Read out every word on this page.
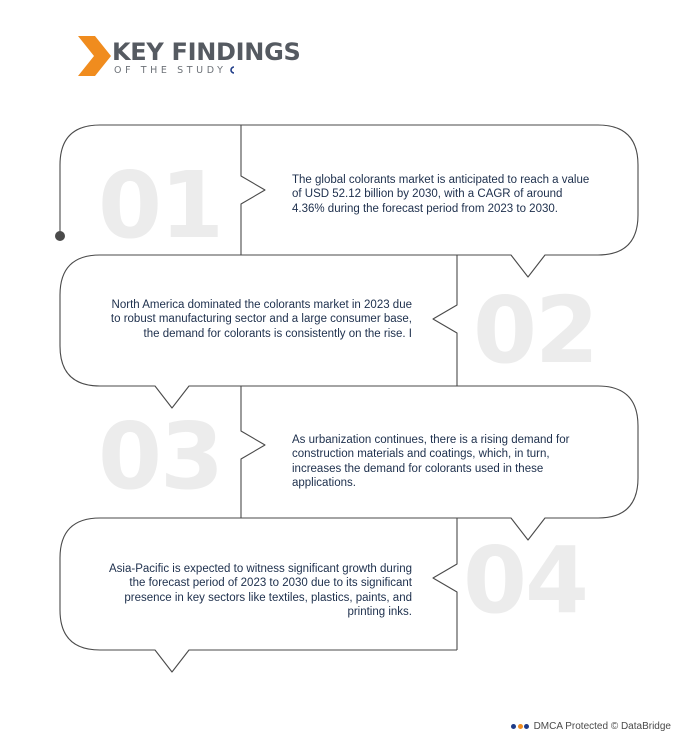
KEY FINDINGS
OF THE STUDY
01
02
03
04

The global colorants market is anticipated to reach a value of USD 52.12 billion by 2030, with a CAGR of around 4.36% during the forecast period from 2023 to 2030.

North America dominated the colorants market in 2023 due to robust manufacturing sector and a large consumer base, the demand for colorants is consistently on the rise. I

As urbanization continues, there is a rising demand for construction materials and coatings, which, in turn, increases the demand for colorants used in these applications.

Asia-Pacific is expected to witness significant growth during the forecast period of 2023 to 2030 due to its significant presence in key sectors like textiles, plastics, paints, and printing inks.

DMCA Protected © DataBridge
